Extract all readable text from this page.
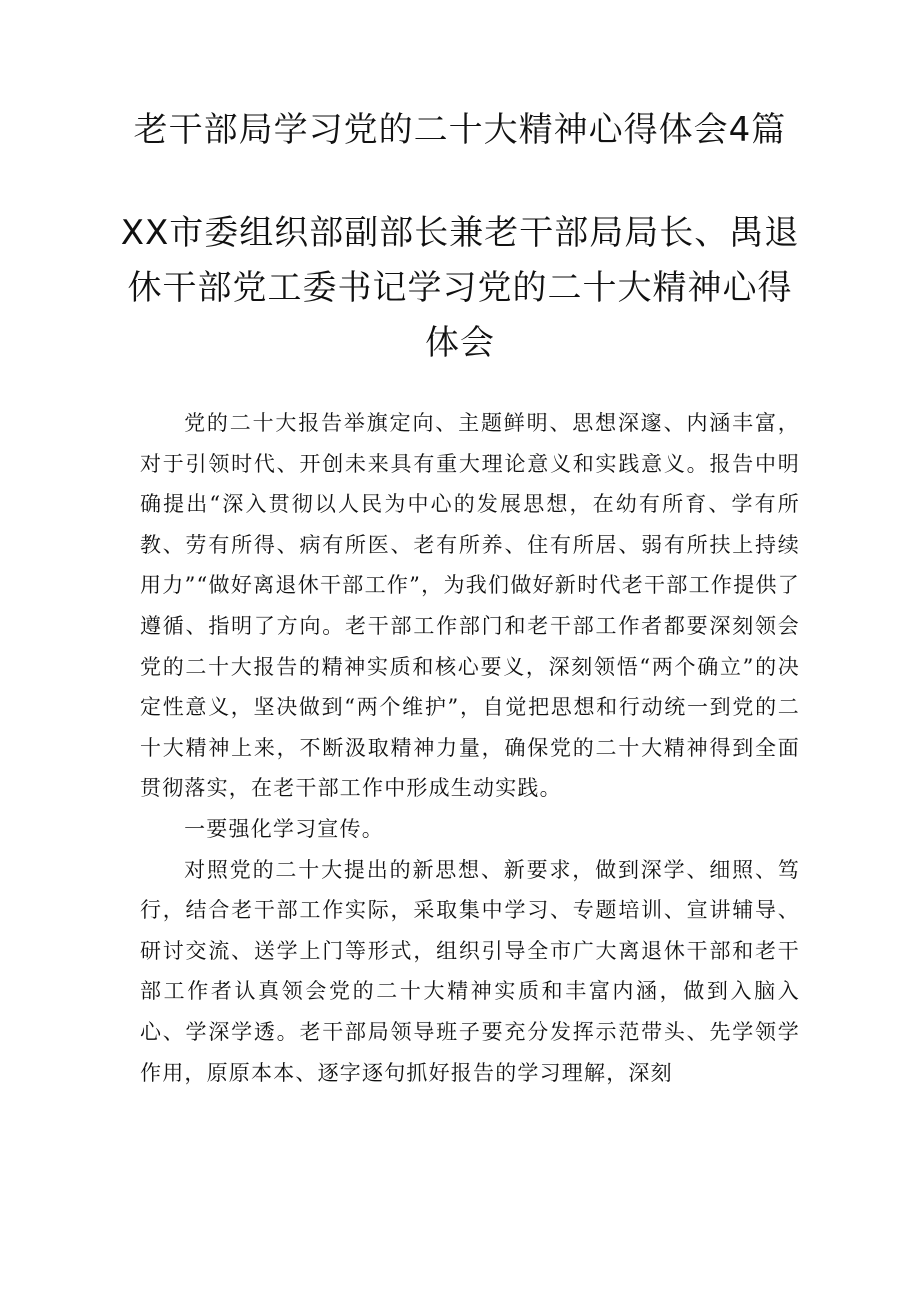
老干部局学习党的二十大精神心得体会4篇
XX市委组织部副部长兼老干部局局长、禺退休干部党工委书记学习党的二十大精神心得体会

党的二十大报告举旗定向、主题鲜明、思想深邃、内涵丰富，对于引领时代、开创未来具有重大理论意义和实践意义。报告中明确提出“深入贯彻以人民为中心的发展思想，在幼有所育、学有所教、劳有所得、病有所医、老有所养、住有所居、弱有所扶上持续用力”“做好离退休干部工作”，为我们做好新时代老干部工作提供了遵循、指明了方向。老干部工作部门和老干部工作者都要深刻领会党的二十大报告的精神实质和核心要义，深刻领悟“两个确立”的决定性意义，坚决做到“两个维护”，自觉把思想和行动统一到党的二十大精神上来，不断汲取精神力量，确保党的二十大精神得到全面贯彻落实，在老干部工作中形成生动实践。

一要强化学习宣传。

对照党的二十大提出的新思想、新要求，做到深学、细照、笃行，结合老干部工作实际，采取集中学习、专题培训、宣讲辅导、研讨交流、送学上门等形式，组织引导全市广大离退休干部和老干部工作者认真领会党的二十大精神实质和丰富内涵，做到入脑入心、学深学透。老干部局领导班子要充分发挥示范带头、先学领学作用，原原本本、逐字逐句抓好报告的学习理解，深刻
